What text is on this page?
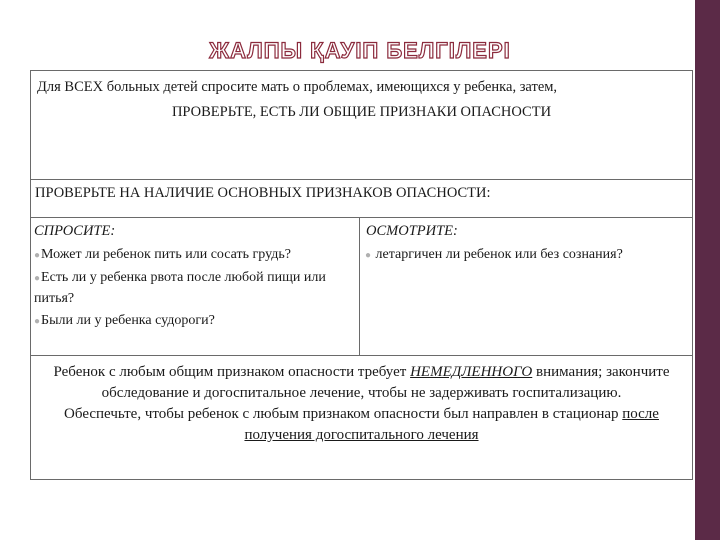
ЖАЛПЫ ҚАУІП БЕЛГІЛЕРІ
Для ВСЕХ больных детей спросите мать о проблемах, имеющихся у ребенка, затем,
ПРОВЕРЬТЕ, ЕСТЬ ЛИ ОБЩИЕ ПРИЗНАКИ ОПАСНОСТИ
ПРОВЕРЬТЕ НА НАЛИЧИЕ ОСНОВНЫХ ПРИЗНАКОВ ОПАСНОСТИ:
СПРОСИТЕ:
●Может ли ребенок пить или сосать грудь?
●Есть ли у ребенка рвота после любой пищи или питья?
●Были ли у ребенка судороги?
ОСМОТРИТЕ:
● летаргичен ли ребенок или без сознания?

Ребенок с любым общим признаком опасности требует НЕМЕДЛЕННОГО внимания; закончите обследование и догоспитальное лечение, чтобы не задерживать госпитализацию.

Обеспечьте, чтобы ребенок с любым признаком опасности был направлен в стационар после получения догоспитального лечения
